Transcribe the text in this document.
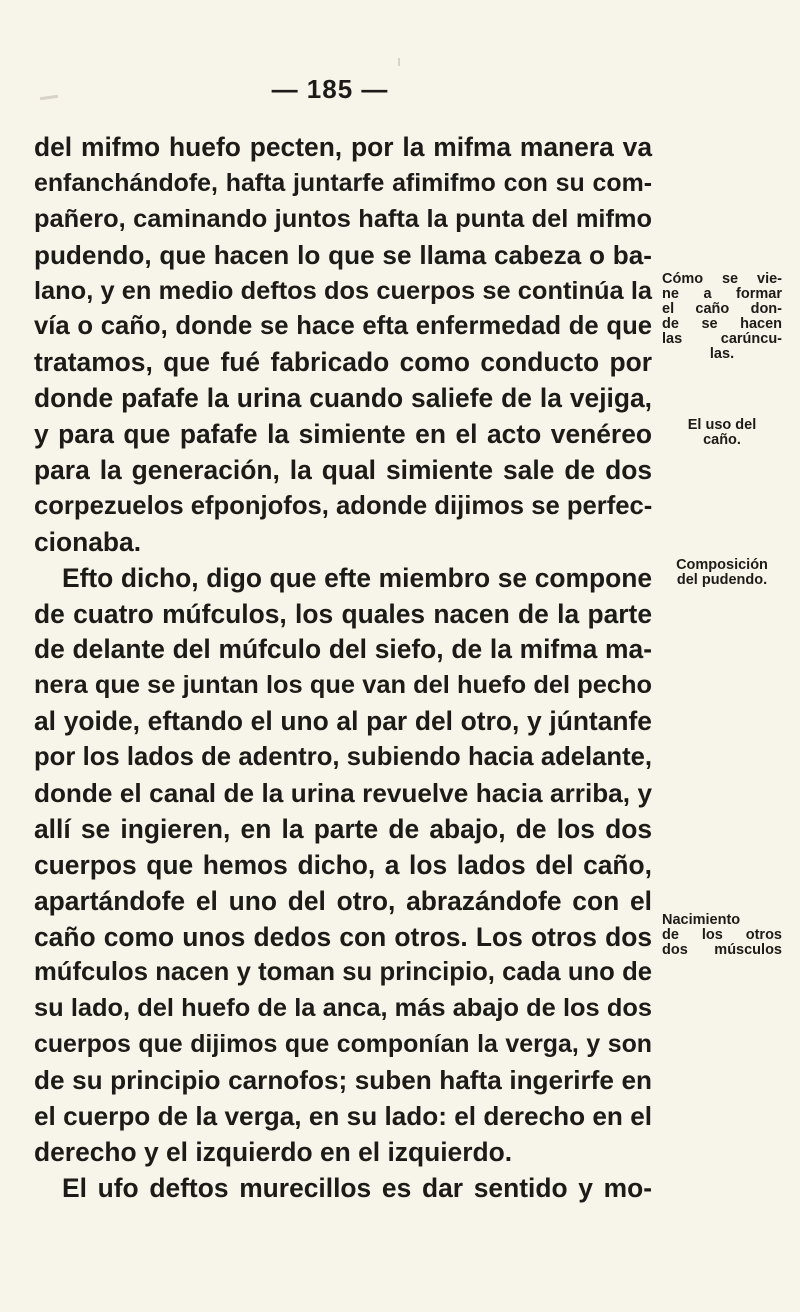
— 185 —
del mifmo huefo pecten, por la mifma manera va
enfanchándofe, hafta juntarfe afimifmo con su com-
pañero, caminando juntos hafta la punta del mifmo
pudendo, que hacen lo que se llama cabeza o ba-
lano, y en medio deftos dos cuerpos se continúa la
vía o caño, donde se hace efta enfermedad de que
tratamos, que fué fabricado como conducto por
donde pafafe la urina cuando saliefe de la vejiga,
y para que pafafe la simiente en el acto venéreo
para la generación, la qual simiente sale de dos
corpezuelos efponjofos, adonde dijimos se perfec-
cionaba.
Efto dicho, digo que efte miembro se compone
de cuatro múfculos, los quales nacen de la parte
de delante del múfculo del siefo, de la mifma ma-
nera que se juntan los que van del huefo del pecho
al yoide, eftando el uno al par del otro, y júntanfe
por los lados de adentro, subiendo hacia adelante,
donde el canal de la urina revuelve hacia arriba, y
allí se ingieren, en la parte de abajo, de los dos
cuerpos que hemos dicho, a los lados del caño,
apartándofe el uno del otro, abrazándofe con el
caño como unos dedos con otros. Los otros dos
múfculos nacen y toman su principio, cada uno de
su lado, del huefo de la anca, más abajo de los dos
cuerpos que dijimos que componían la verga, y son
de su principio carnofos; suben hafta ingerirfe en
el cuerpo de la verga, en su lado: el derecho en el
derecho y el izquierdo en el izquierdo.
El ufo deftos murecillos es dar sentido y mo-
Cómo se vie-
ne a formar
el caño don-
de se hacen
las carúncu-
las.
El uso del
caño.
Composición
del pudendo.
Nacimiento
de los otros
dos músculos
